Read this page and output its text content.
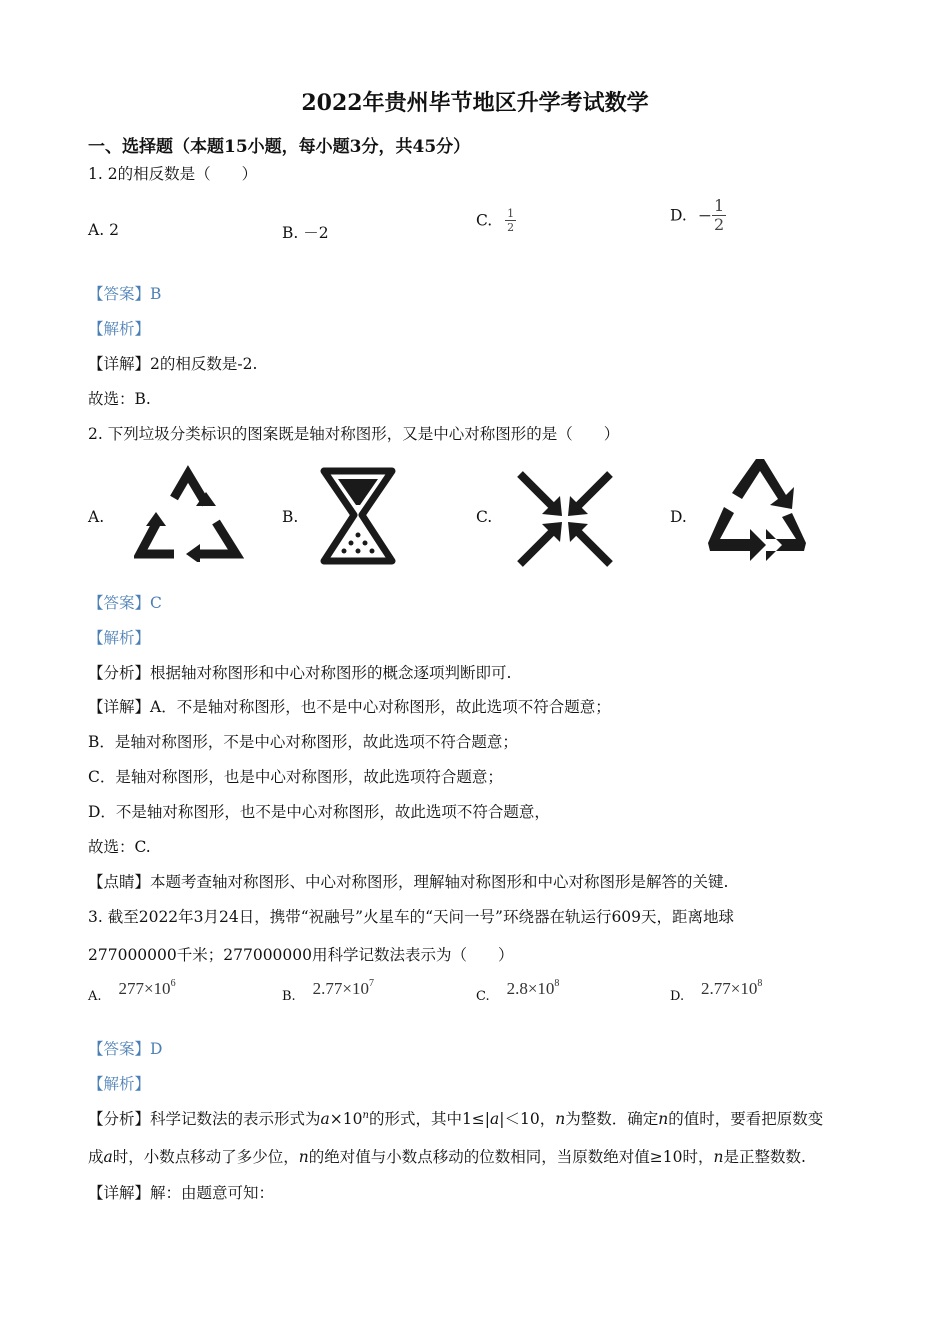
2022年贵州毕节地区升学考试数学
一、选择题（本题15小题，每小题3分，共45分）
1. 2的相反数是（　　）
A. 2	B. －2
C. $\frac{1}{2}$	D. − $\frac{1}{2}$
【答案】B
【解析】
【详解】2的相反数是-2.
故选：B.
2. 下列垃圾分类标识的图案既是轴对称图形，又是中心对称图形的是（　　）
A.	B.	C.	D.
【答案】C
【解析】
【分析】根据轴对称图形和中心对称图形的概念逐项判断即可.
【详解】A．不是轴对称图形，也不是中心对称图形，故此选项不符合题意；
B．是轴对称图形，不是中心对称图形，故此选项不符合题意；
C．是轴对称图形，也是中心对称图形，故此选项符合题意；
D．不是轴对称图形，也不是中心对称图形，故此选项不符合题意，
故选：C.
【点睛】本题考查轴对称图形、中心对称图形，理解轴对称图形和中心对称图形是解答的关键.
3. 截至2022年3月24日，携带“祝融号”火星车的“天问一号”环绕器在轨运行609天，距离地球
277000000千米；277000000用科学记数法表示为（　　）
$_{A.}$ $277\times 10^6$
$_{B.}$ $2.77\times 10^7$
$_{C.}$ $2.8\times 10^8$
$_{D.}$ $2.77\times 10^8$
【答案】D
【解析】
【分析】科学记数法的表示形式为$a\times 10^n$的形式，其中1≤|a|＜10，n为整数．确定n的值时，要看把原数变
成a时，小数点移动了多少位，n的绝对值与小数点移动的位数相同，当原数绝对值≥10时，n是正整数数.
【详解】解：由题意可知：
